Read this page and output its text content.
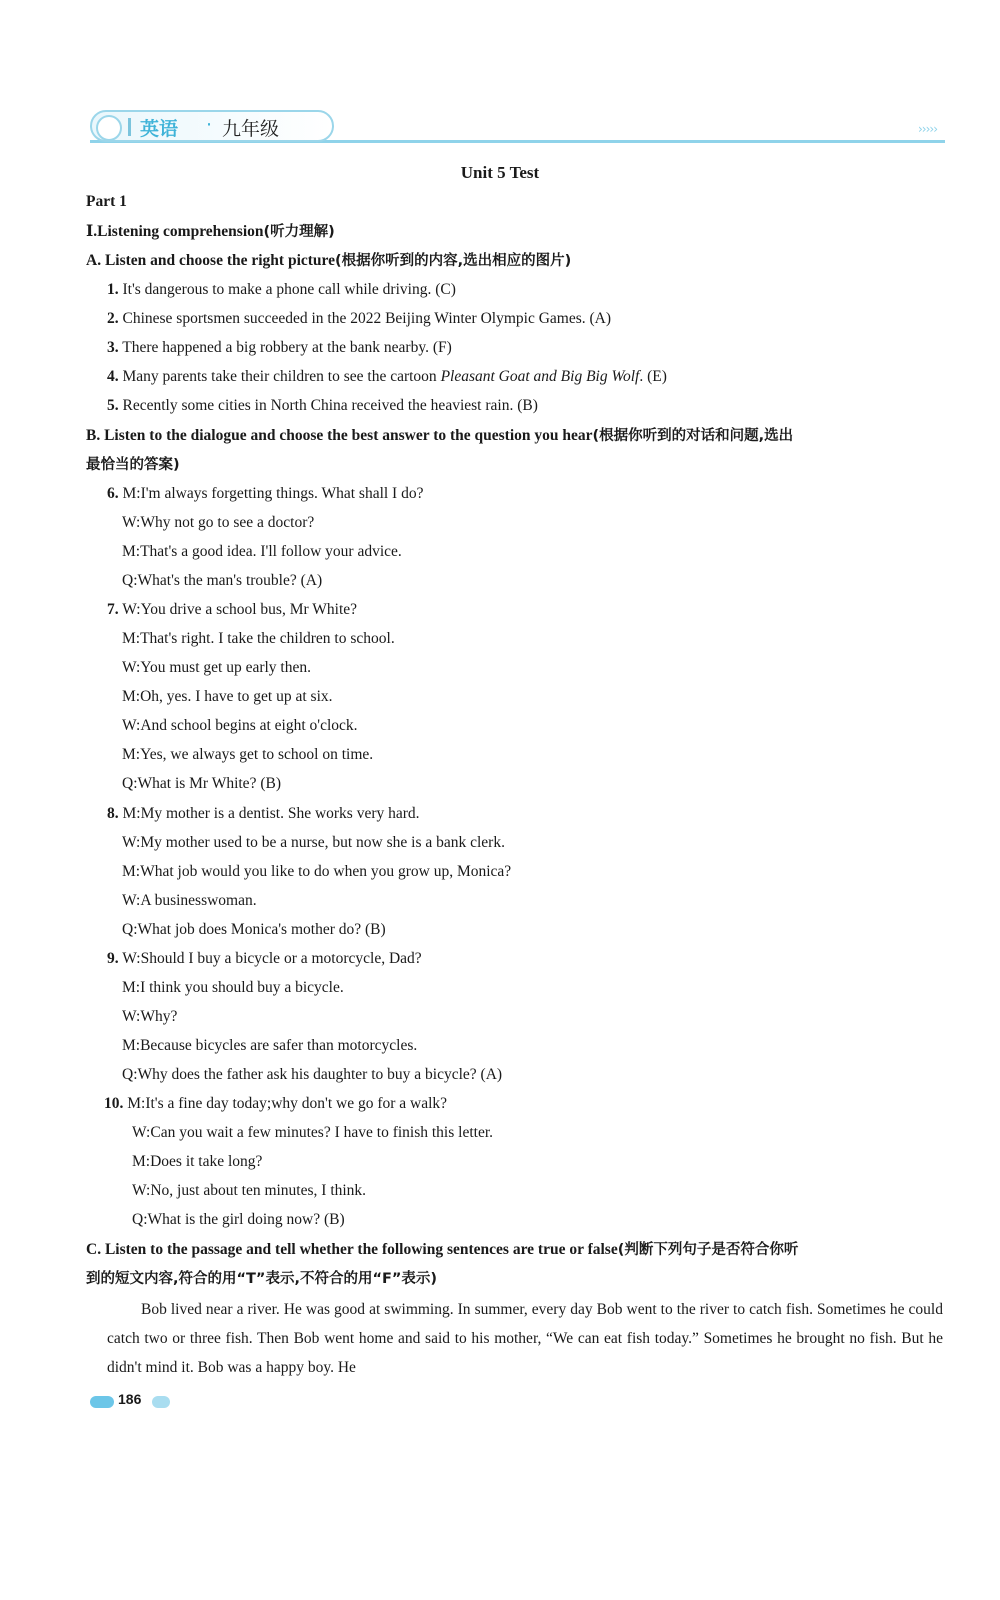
英语 · 九年级	›››››
Unit 5 Test
Part 1
Ⅰ.Listening comprehension(听力理解)
A. Listen and choose the right picture(根据你听到的内容,选出相应的图片)
1. It's dangerous to make a phone call while driving. (C)
2. Chinese sportsmen succeeded in the 2022 Beijing Winter Olympic Games. (A)
3. There happened a big robbery at the bank nearby. (F)
4. Many parents take their children to see the cartoon Pleasant Goat and Big Big Wolf. (E)
5. Recently some cities in North China received the heaviest rain. (B)
B. Listen to the dialogue and choose the best answer to the question you hear(根据你听到的对话和问题,选出
最恰当的答案)
6. M:I'm always forgetting things. What shall I do?
W:Why not go to see a doctor?
M:That's a good idea. I'll follow your advice.
Q:What's the man's trouble? (A)
7. W:You drive a school bus, Mr White?
M:That's right. I take the children to school.
W:You must get up early then.
M:Oh, yes. I have to get up at six.
W:And school begins at eight o'clock.
M:Yes, we always get to school on time.
Q:What is Mr White? (B)
8. M:My mother is a dentist. She works very hard.
W:My mother used to be a nurse, but now she is a bank clerk.
M:What job would you like to do when you grow up, Monica?
W:A businesswoman.
Q:What job does Monica's mother do? (B)
9. W:Should I buy a bicycle or a motorcycle, Dad?
M:I think you should buy a bicycle.
W:Why?
M:Because bicycles are safer than motorcycles.
Q:Why does the father ask his daughter to buy a bicycle? (A)
10. M:It's a fine day today;why don't we go for a walk?
W:Can you wait a few minutes? I have to finish this letter.
M:Does it take long?
W:No, just about ten minutes, I think.
Q:What is the girl doing now? (B)
C. Listen to the passage and tell whether the following sentences are true or false(判断下列句子是否符合你听
到的短文内容,符合的用“T”表示,不符合的用“F”表示)
Bob lived near a river. He was good at swimming. In summer, every day Bob went to the river to catch fish. Sometimes he could catch two or three fish. Then Bob went home and said to his mother, “We can eat fish today.” Sometimes he brought no fish. But he didn't mind it. Bob was a happy boy. He
186
